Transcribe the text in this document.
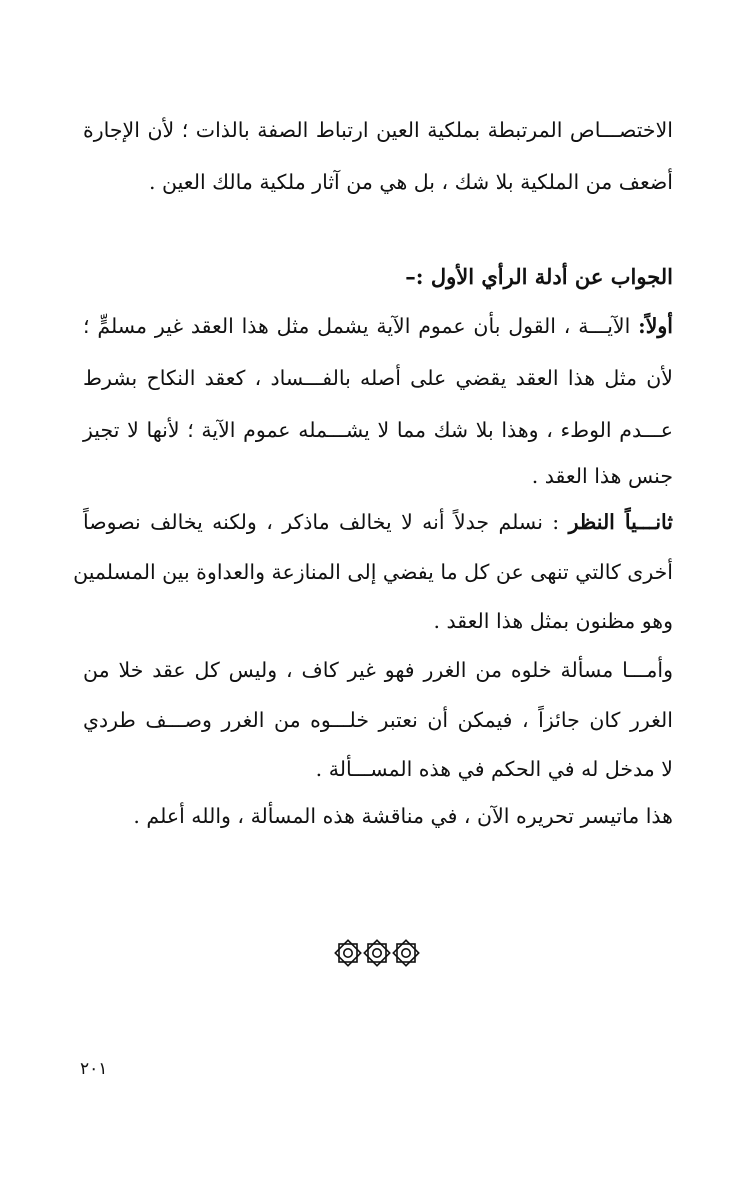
الاختصـــاص المرتبطة بملكية العين ارتباط الصفة بالذات ؛ لأن الإجارة
أضعف من الملكية بلا شك ، بل هي من آثار ملكية مالك العين .
الجواب عن أدلة الرأي الأول :–
أولاً: الآيـــة ، القول بأن عموم الآية يشمل مثل هذا العقد غير مسلمٍّ ؛
لأن مثل هذا العقد يقضي على أصله بالفـــساد ، كعقد النكاح بشرط
عـــدم الوطء ، وهذا بلا شك مما لا يشـــمله عموم الآية ؛ لأنها لا تجيز
جنس هذا العقد .
ثانـــياً النظر : نسلم جدلاً أنه لا يخالف ماذكر ، ولكنه يخالف نصوصاً
أخرى كالتي تنهى عن كل ما يفضي إلى المنازعة والعداوة بين المسلمين
وهو مظنون بمثل هذا العقد .
وأمـــا مسألة خلوه من الغرر فهو غير كاف ، وليس كل عقد خلا من
الغرر كان جائزاً ، فيمكن أن نعتبر خلـــوه من الغرر وصـــف طردي
لا مدخل له في الحكم في هذه المســـألة .
هذا ماتيسر تحريره الآن ، في مناقشة هذه المسألة ، والله أعلم .
٢٠١
